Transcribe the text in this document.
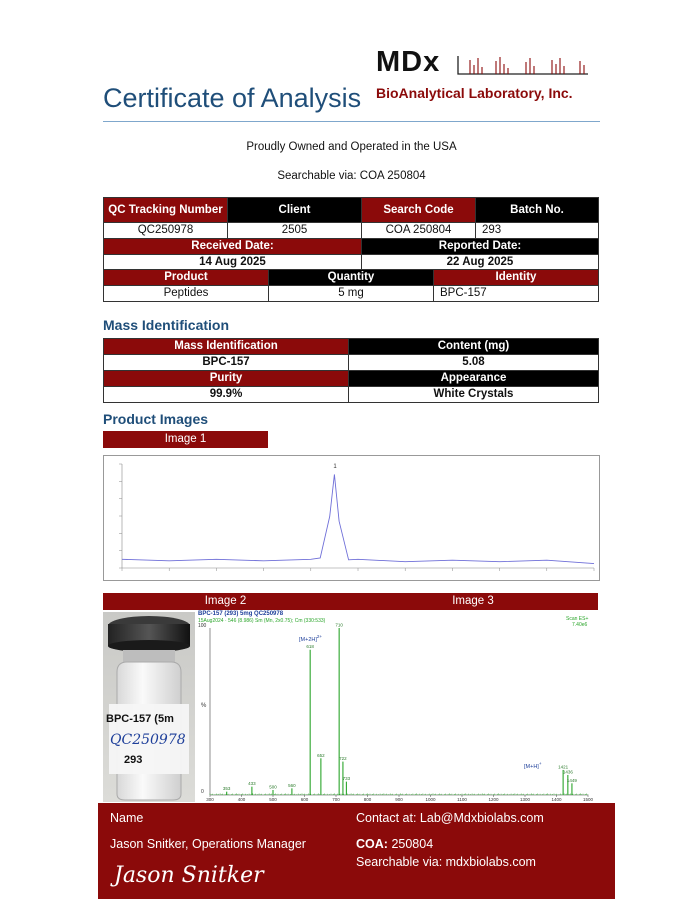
MDx
BioAnalytical Laboratory, Inc.
Certificate of Analysis
Proudly Owned and Operated in the USA
Searchable via: COA 250804
QC Tracking Number	Client	Search Code	Batch No.
QC250978	2505	COA 250804	293
Received Date:		Reported Date:	
14 Aug 2025		22 Aug 2025	
Product	Quantity	Identity
Peptides	5 mg	BPC-157
Mass Identification
Mass Identification	Content (mg)
BPC-157	5.08
Purity	Appearance
99.9%	White Crystals
Product Images
Image 1
1
Image 2	Image 3
BPC-157 (5m
QC250978
293
BPC-157 (293) 5mg QC250978
15Aug2024 · 546 (8.986) Sm (Mn, 2x0.75); Cm (330:533)	Scan ES+
7.40e6
100
%
0
$[M+2H]^{2+}$
[M+H]+
300	400	500	600	700	800	900	1000	1100	1200	1300	1400	1500
353
433
500	560
618
652
710
722
733
1421
1436
1449
Name
Jason Snitker, Operations Manager
Jason Snitker
Contact at: Lab@Mdxbiolabs.com
COA: 250804
Searchable via: mdxbiolabs.com
